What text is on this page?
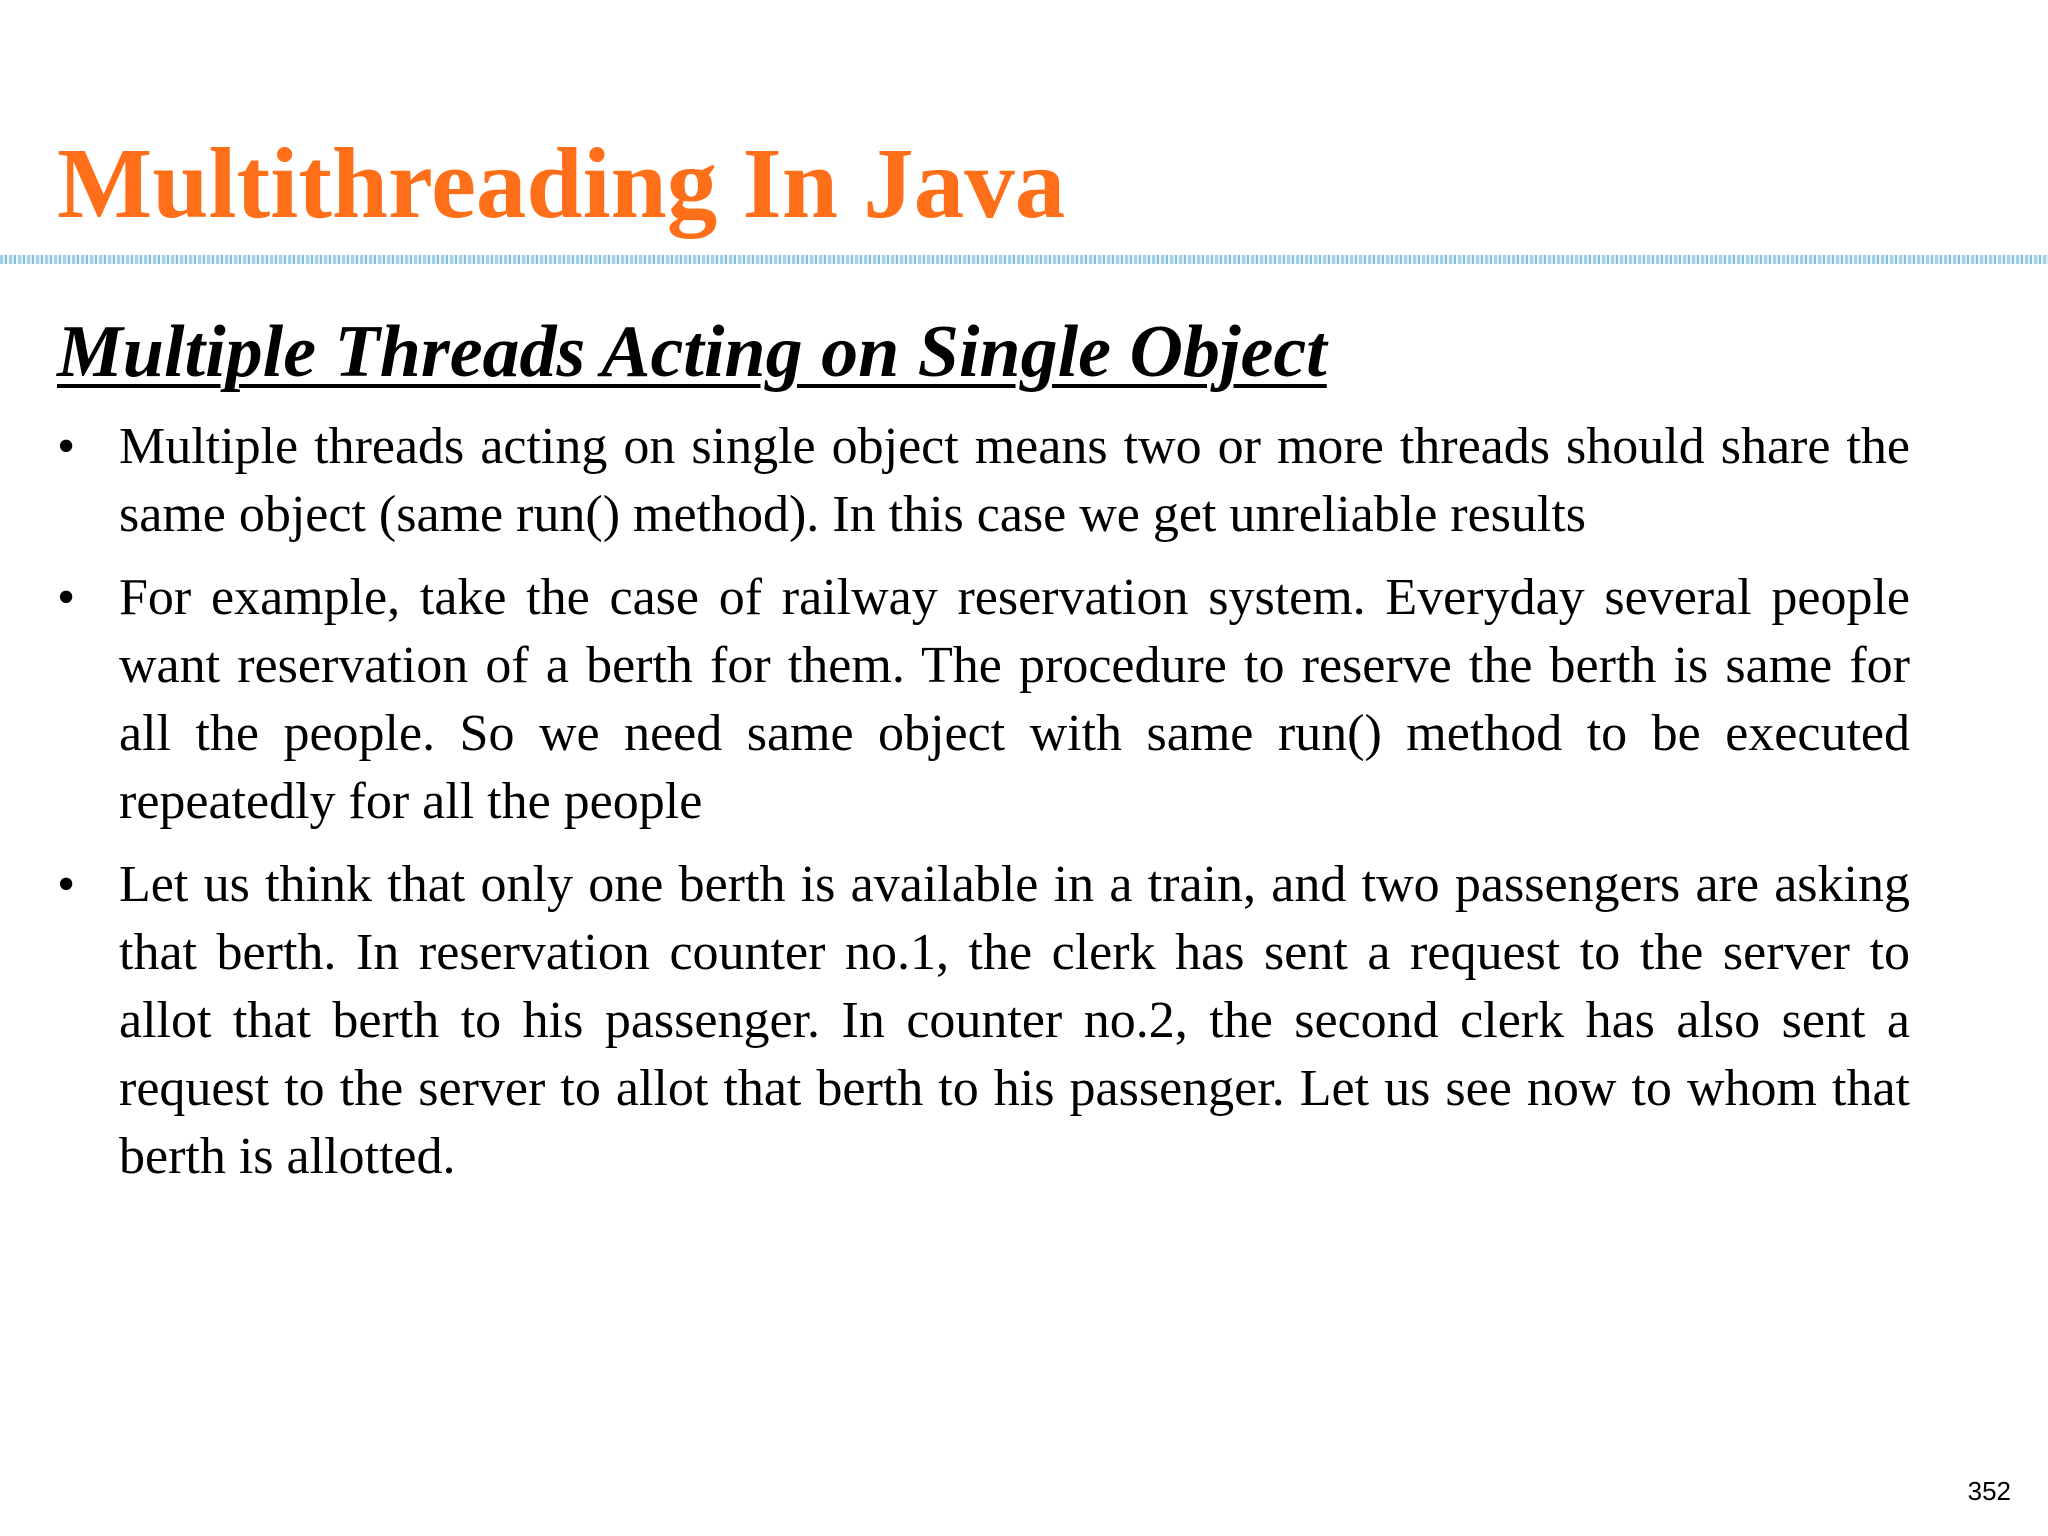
Multithreading In Java
Multiple Threads Acting on Single Object
• Multiple threads acting on single object means two or more threads should share the same object (same run() method). In this case we get unreliable results
• For example, take the case of railway reservation system. Everyday several people want reservation of a berth for them. The procedure to reserve the berth is same for all the people. So we need same object with same run() method to be executed repeatedly for all the people
• Let us think that only one berth is available in a train, and two passengers are asking that berth. In reservation counter no.1, the clerk has sent a request to the server to allot that berth to his passenger. In counter no.2, the second clerk has also sent a request to the server to allot that berth to his passenger. Let us see now to whom that berth is allotted.
352
